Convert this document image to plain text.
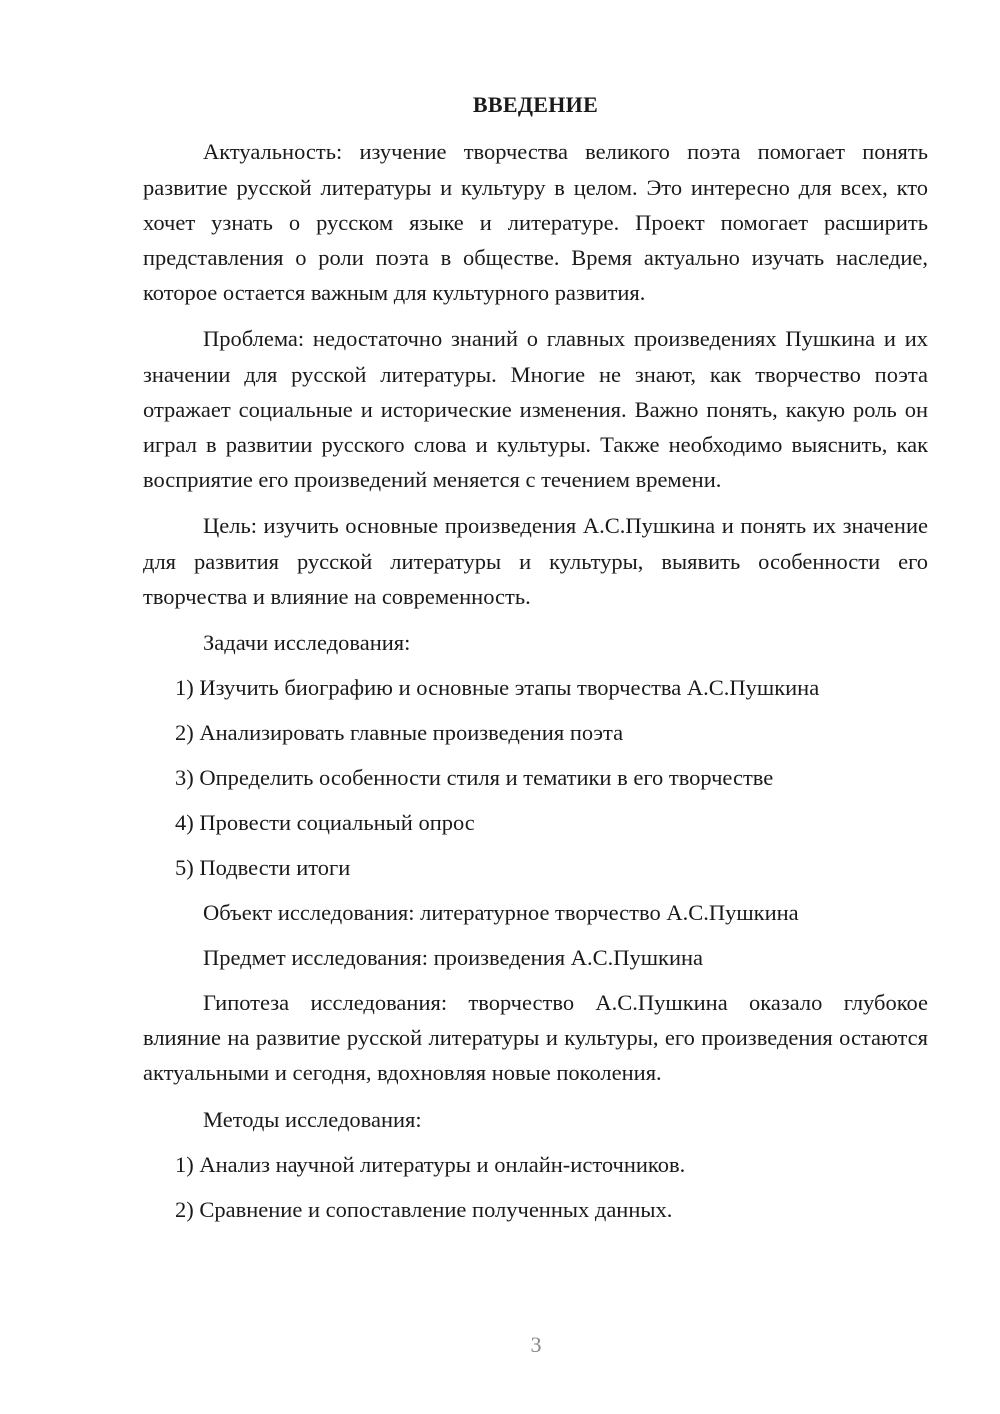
ВВЕДЕНИЕ

Актуальность: изучение творчества великого поэта помогает понять развитие русской литературы и культуру в целом. Это интересно для всех, кто хочет узнать о русском языке и литературе. Проект помогает расширить представления о роли поэта в обществе. Время актуально изучать наследие, которое остается важным для культурного развития.

Проблема: недостаточно знаний о главных произведениях Пушкина и их значении для русской литературы. Многие не знают, как творчество поэта отражает социальные и исторические изменения. Важно понять, какую роль он играл в развитии русского слова и культуры. Также необходимо выяснить, как восприятие его произведений меняется с течением времени.

Цель: изучить основные произведения А.С.Пушкина и понять их значение для развития русской литературы и культуры, выявить особенности его творчества и влияние на современность.

Задачи исследования:
1) Изучить биографию и основные этапы творчества А.С.Пушкина
2) Анализировать главные произведения поэта
3) Определить особенности стиля и тематики в его творчестве
4) Провести социальный опрос
5) Подвести итоги
Объект исследования: литературное творчество А.С.Пушкина
Предмет исследования: произведения А.С.Пушкина

Гипотеза исследования: творчество А.С.Пушкина оказало глубокое влияние на развитие русской литературы и культуры, его произведения остаются актуальными и сегодня, вдохновляя новые поколения.

Методы исследования:
1) Анализ научной литературы и онлайн-источников.
2) Сравнение и сопоставление полученных данных.
3
